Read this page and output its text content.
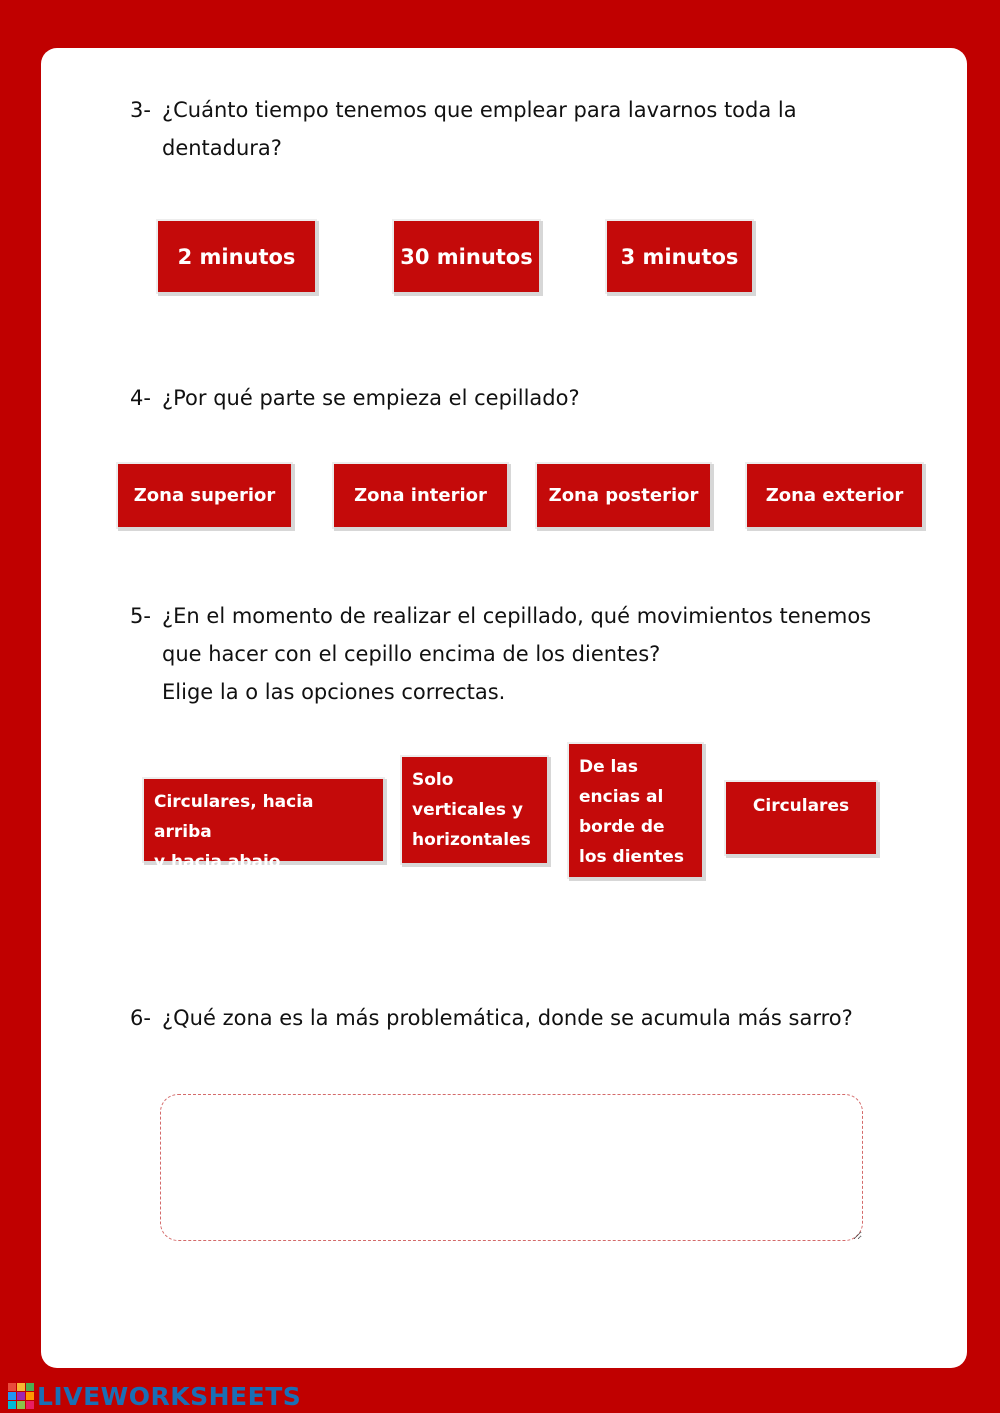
3- ¿Cuánto tiempo tenemos que emplear para lavarnos toda la
dentadura?
2 minutos	30 minutos	3 minutos
4- ¿Por qué parte se empieza el cepillado?
Zona superior	Zona interior	Zona posterior	Zona exterior
5- ¿En el momento de realizar el cepillado, qué movimientos tenemos
que hacer con el cepillo encima de los dientes?
Elige la o las opciones correctas.
Circulares, hacia arriba
y hacia abajo
Solo
verticales y
horizontales
De las
encias al
borde de
los dientes
Circulares
6- ¿Qué zona es la más problemática, donde se acumula más sarro?
LIVEWORKSHEETS
